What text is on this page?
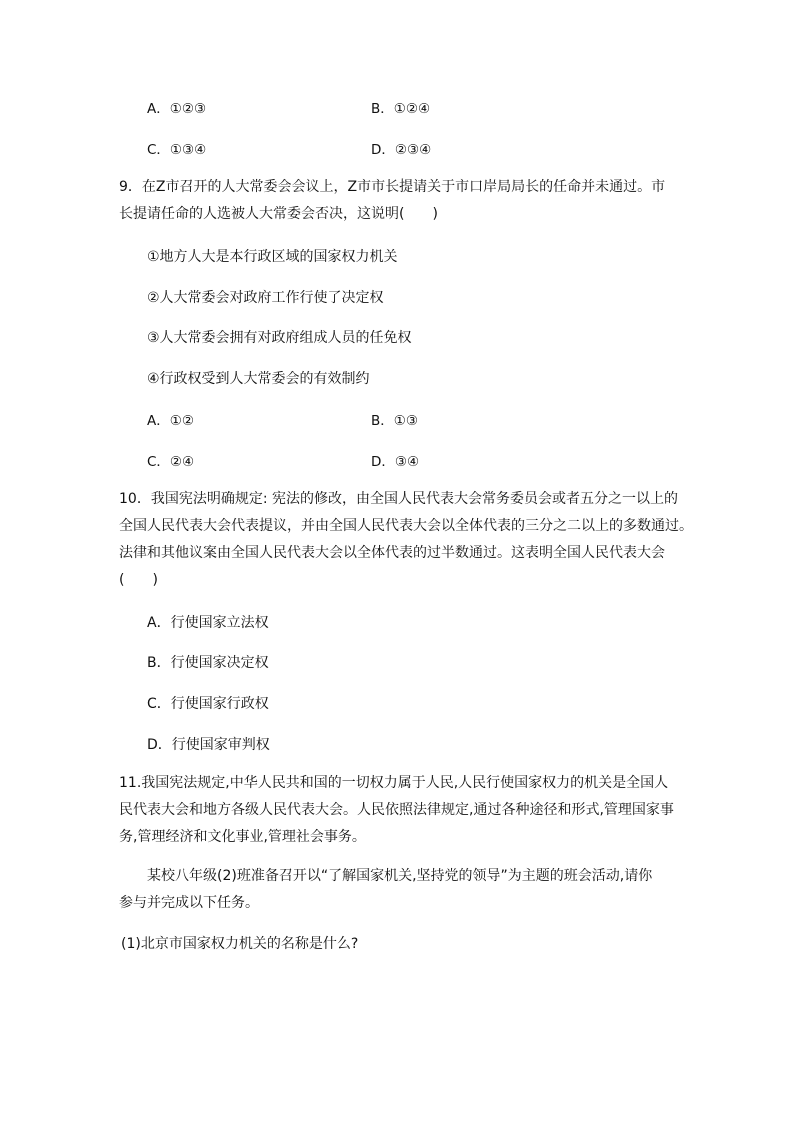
A．①②③	B．①②④
C．①③④	D．②③④
9．在Z市召开的人大常委会会议上，Z市市长提请关于市口岸局局长的任命并未通过。市
长提请任命的人选被人大常委会否决，这说明(　　)
①地方人大是本行政区域的国家权力机关
②人大常委会对政府工作行使了决定权
③人大常委会拥有对政府组成人员的任免权
④行政权受到人大常委会的有效制约
A．①②	B．①③
C．②④	D．③④
10．我国宪法明确规定: 宪法的修改，由全国人民代表大会常务委员会或者五分之一以上的
全国人民代表大会代表提议，并由全国人民代表大会以全体代表的三分之二以上的多数通过。
法律和其他议案由全国人民代表大会以全体代表的过半数通过。这表明全国人民代表大会
(　　)
A．行使国家立法权
B．行使国家决定权
C．行使国家行政权
D．行使国家审判权
11.我国宪法规定,中华人民共和国的一切权力属于人民,人民行使国家权力的机关是全国人
民代表大会和地方各级人民代表大会。人民依照法律规定,通过各种途径和形式,管理国家事
务,管理经济和文化事业,管理社会事务。
某校八年级(2)班准备召开以“了解国家机关,坚持党的领导”为主题的班会活动,请你
参与并完成以下任务。
(1)北京市国家权力机关的名称是什么?
